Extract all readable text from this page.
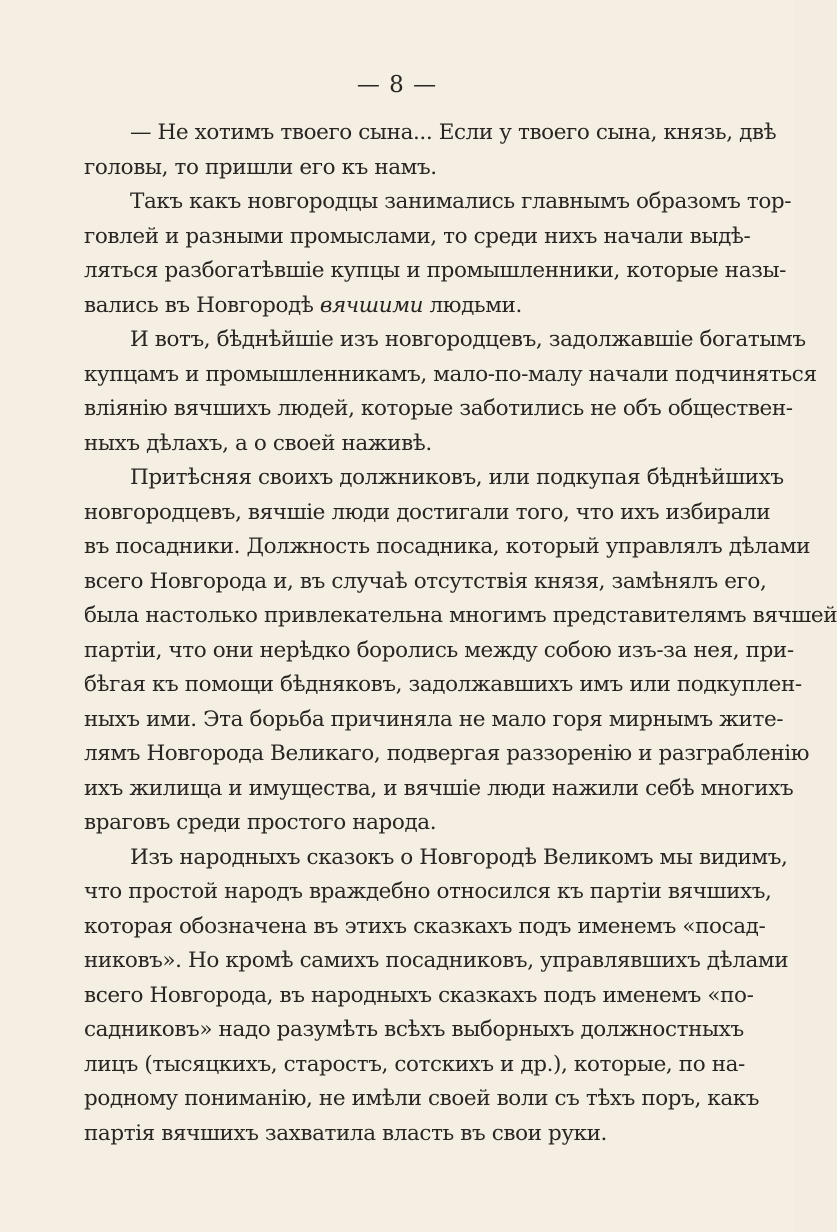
— 8 —
— Не хотимъ твоего сына... Если у твоего сына, князь, двѣ
головы, то пришли его къ намъ.
Такъ какъ новгородцы занимались главнымъ образомъ тор-
говлей и разными промыслами, то среди нихъ начали выдѣ-
ляться разбогатѣвшіе купцы и промышленники, которые назы-
вались въ Новгородѣ вячшими людьми.
И вотъ, бѣднѣйшіе изъ новгородцевъ, задолжавшіе богатымъ
купцамъ и промышленникамъ, мало-по-малу начали подчиняться
вліянію вячшихъ людей, которые заботились не объ обществен-
ныхъ дѣлахъ, а о своей наживѣ.
Притѣсняя своихъ должниковъ, или подкупая бѣднѣйшихъ
новгородцевъ, вячшіе люди достигали того, что ихъ избирали
въ посадники. Должность посадника, который управлялъ дѣлами
всего Новгорода и, въ случаѣ отсутствія князя, замѣнялъ его,
была настолько привлекательна многимъ представителямъ вячшей
партіи, что они нерѣдко боролись между собою изъ-за нея, при-
бѣгая къ помощи бѣдняковъ, задолжавшихъ имъ или подкуплен-
ныхъ ими. Эта борьба причиняла не мало горя мирнымъ жите-
лямъ Новгорода Великаго, подвергая раззоренію и разграбленію
ихъ жилища и имущества, и вячшіе люди нажили себѣ многихъ
враговъ среди простого народа.
Изъ народныхъ сказокъ о Новгородѣ Великомъ мы видимъ,
что простой народъ враждебно относился къ партіи вячшихъ,
которая обозначена въ этихъ сказкахъ подъ именемъ «посад-
никовъ». Но кромѣ самихъ посадниковъ, управлявшихъ дѣлами
всего Новгорода, въ народныхъ сказкахъ подъ именемъ «по-
садниковъ» надо разумѣть всѣхъ выборныхъ должностныхъ
лицъ (тысяцкихъ, старостъ, сотскихъ и др.), которые, по на-
родному пониманію, не имѣли своей воли съ тѣхъ поръ, какъ
партія вячшихъ захватила власть въ свои руки.
